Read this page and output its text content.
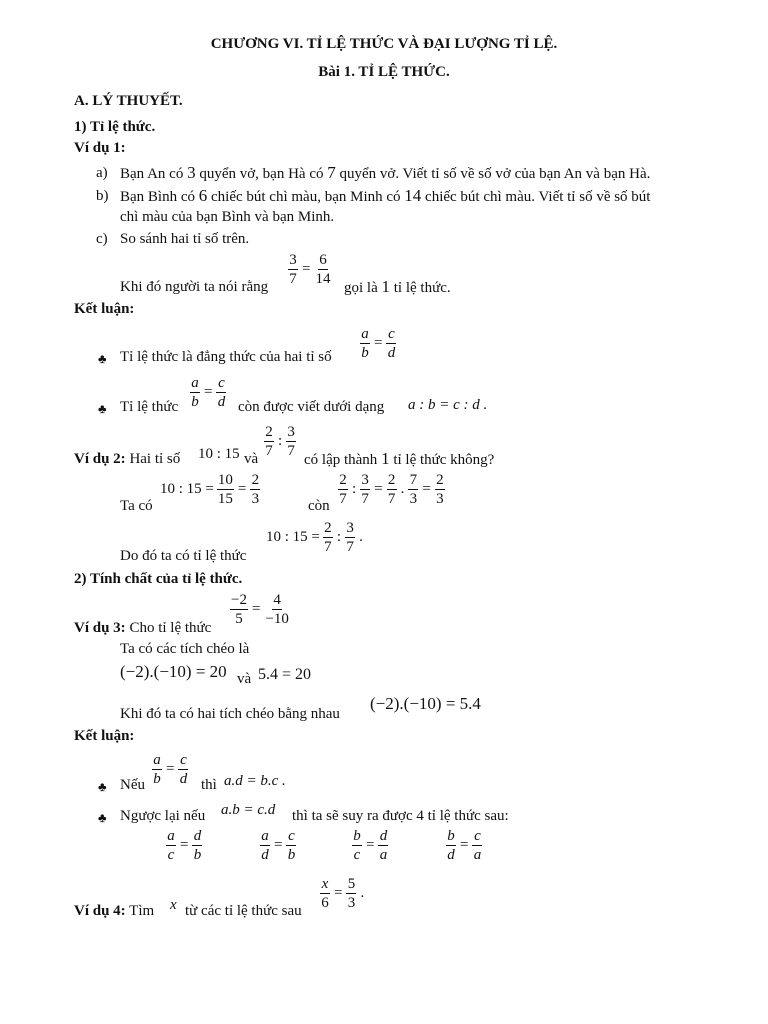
CHƯƠNG VI. TỈ LỆ THỨC VÀ ĐẠI LƯỢNG TỈ LỆ.
Bài 1. TỈ LỆ THỨC.
A. LÝ THUYẾT.
1) Tỉ lệ thức.
Ví dụ 1:
a) Bạn An có 3 quyển vở, bạn Hà có 7 quyển vở. Viết tỉ số về số vở của bạn An và bạn Hà.
b) Bạn Bình có 6 chiếc bút chì màu, bạn Minh có 14 chiếc bút chì màu. Viết tỉ số về số bút
chì màu của bạn Bình và bạn Minh.
c) So sánh hai tỉ số trên.
Khi đó người ta nói rằng $\frac{3}{7} = \frac{6}{14}$
gọi là 1 tỉ lệ thức.
Kết luận:
♣ Tỉ lệ thức là đẳng thức của hai tỉ số $\frac{a}{b} = \frac{c}{d}$
♣ Tỉ lệ thức $\frac{a}{b} = \frac{c}{d}$ còn được viết dưới dạng a : b = c : d .
Ví dụ 2: Hai tỉ số 10 : 15 và $\frac{2}{7}$ : $\frac{3}{7}$
có lập thành 1 tỉ lệ thức không?
Ta có
10 : $15 = \frac{10}{15} = \frac{2}{3}$	còn $\frac{2}{7}$ : $\frac{3}{7} = \frac{2}{7}$ . $\frac{7}{3} = \frac{2}{3}$
Do đó ta có tỉ lệ thức
10 : $15 = \frac{2}{7}$ : $\frac{3}{7}$ .
2) Tính chất của tỉ lệ thức.
Ví dụ 3: Cho tỉ lệ thức
$\frac{-2}{5} = \frac{4}{-10}$
Ta có các tích chéo là
(−2).(−10) = 20 và 5.4 = 20
Khi đó ta có hai tích chéo bằng nhau
(−2).(−10) = 5.4
Kết luận:
♣ Nếu $\frac{a}{b} = \frac{c}{d}$ thì a.d = b.c .
♣ Ngược lại nếu a.b = c.d thì ta sẽ suy ra được 4 tỉ lệ thức sau:
$\frac{a}{c} = \frac{d}{b}$	$\frac{a}{d} = \frac{c}{b}$	$\frac{b}{c} = \frac{d}{a}$	$\frac{b}{d} = \frac{c}{a}$
Ví dụ 4: Tìm x từ các tỉ lệ thức sau $\frac{x}{6} = \frac{5}{3}$ .
